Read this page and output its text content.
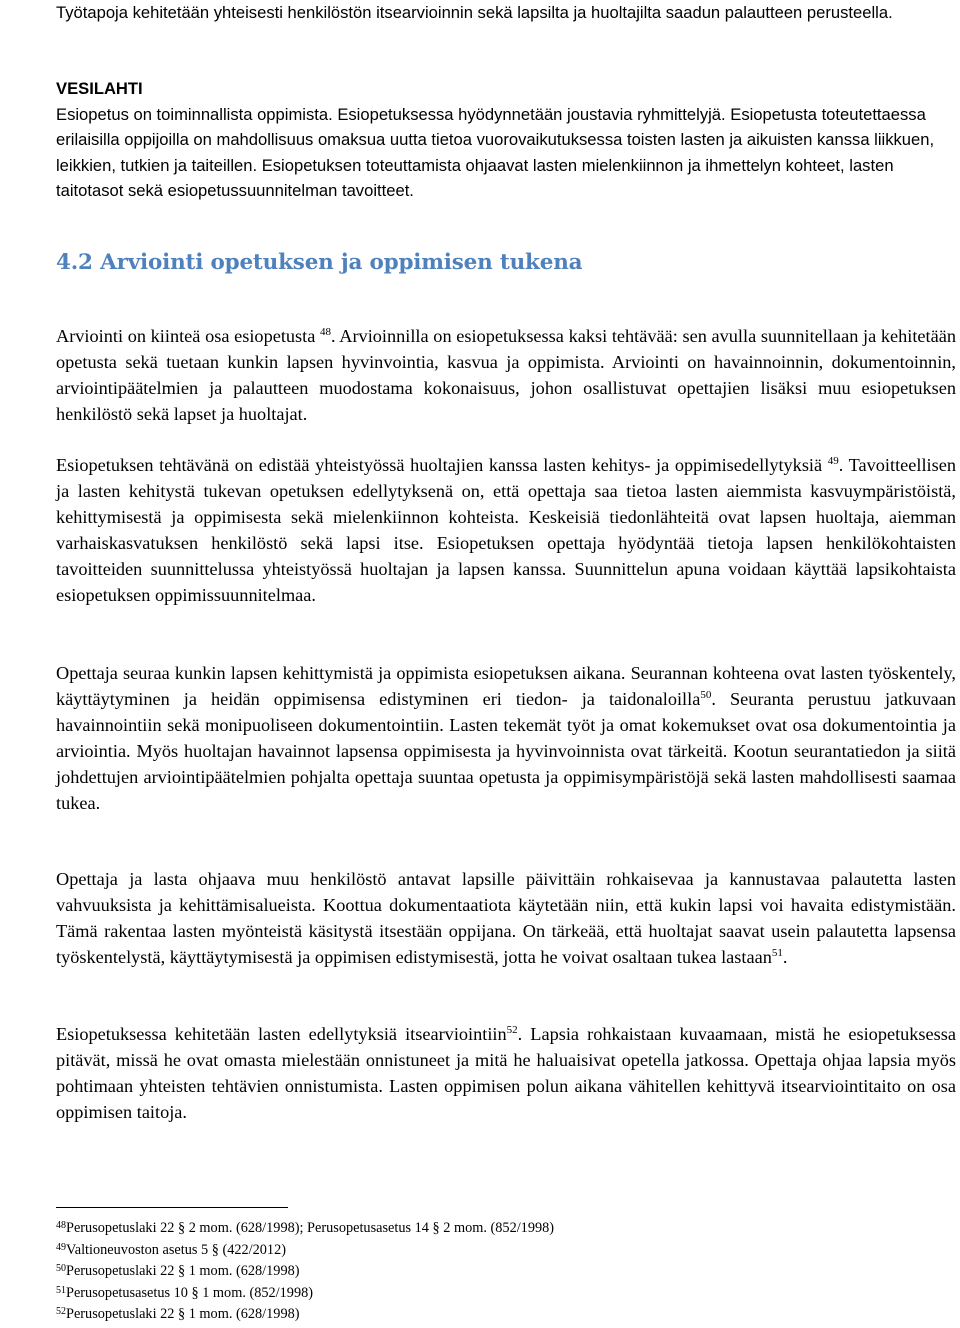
Työtapoja kehitetään yhteisesti henkilöstön itsearvioinnin sekä lapsilta ja huoltajilta saadun palautteen perusteella.

VESILAHTI

Esiopetus on toiminnallista oppimista. Esiopetuksessa hyödynnetään joustavia ryhmittelyjä. Esiopetusta toteutettaessa erilaisilla oppijoilla on mahdollisuus omaksua uutta tietoa vuorovaikutuksessa toisten lasten ja aikuisten kanssa liikkuen, leikkien, tutkien ja taiteillen. Esiopetuksen toteuttamista ohjaavat lasten mielenkiinnon ja ihmettelyn kohteet, lasten taitotasot sekä esiopetussuunnitelman tavoitteet.

4.2 Arviointi opetuksen ja oppimisen tukena

Arviointi on kiinteä osa esiopetusta $^{48}$. Arvioinnilla on esiopetuksessa kaksi tehtävää: sen avulla suunnitellaan ja kehitetään opetusta sekä tuetaan kunkin lapsen hyvinvointia, kasvua ja oppimista. Arviointi on havainnoinnin, dokumentoinnin, arviointipäätelmien ja palautteen muodostama kokonaisuus, johon osallistuvat opettajien lisäksi muu esiopetuksen henkilöstö sekä lapset ja huoltajat.

Esiopetuksen tehtävänä on edistää yhteistyössä huoltajien kanssa lasten kehitys- ja oppimisedellytyksiä $^{49}$. Tavoitteellisen ja lasten kehitystä tukevan opetuksen edellytyksenä on, että opettaja saa tietoa lasten aiemmista kasvuympäristöistä, kehittymisestä ja oppimisesta sekä mielenkiinnon kohteista. Keskeisiä tiedonlähteitä ovat lapsen huoltaja, aiemman varhaiskasvatuksen henkilöstö sekä lapsi itse. Esiopetuksen opettaja hyödyntää tietoja lapsen henkilökohtaisten tavoitteiden suunnittelussa yhteistyössä huoltajan ja lapsen kanssa. Suunnittelun apuna voidaan käyttää lapsikohtaista esiopetuksen oppimissuunnitelmaa.

Opettaja seuraa kunkin lapsen kehittymistä ja oppimista esiopetuksen aikana. Seurannan kohteena ovat lasten työskentely, käyttäytyminen ja heidän oppimisensa edistyminen eri tiedon- ja taidonaloilla$^{50}$. Seuranta perustuu jatkuvaan havainnointiin sekä monipuoliseen dokumentointiin. Lasten tekemät työt ja omat kokemukset ovat osa dokumentointia ja arviointia. Myös huoltajan havainnot lapsensa oppimisesta ja hyvinvoinnista ovat tärkeitä. Kootun seurantatiedon ja siitä johdettujen arviointipäätelmien pohjalta opettaja suuntaa opetusta ja oppimisympäristöjä sekä lasten mahdollisesti saamaa tukea.

Opettaja ja lasta ohjaava muu henkilöstö antavat lapsille päivittäin rohkaisevaa ja kannustavaa palautetta lasten vahvuuksista ja kehittämisalueista. Koottua dokumentaatiota käytetään niin, että kukin lapsi voi havaita edistymistään. Tämä rakentaa lasten myönteistä käsitystä itsestään oppijana. On tärkeää, että huoltajat saavat usein palautetta lapsensa työskentelystä, käyttäytymisestä ja oppimisen edistymisestä, jotta he voivat osaltaan tukea lastaan$^{51}$.

Esiopetuksessa kehitetään lasten edellytyksiä itsearviointiin$^{52}$. Lapsia rohkaistaan kuvaamaan, mistä he esiopetuksessa pitävät, missä he ovat omasta mielestään onnistuneet ja mitä he haluaisivat opetella jatkossa. Opettaja ohjaa lapsia myös pohtimaan yhteisten tehtävien onnistumista. Lasten oppimisen polun aikana vähitellen kehittyvä itsearviointitaito on osa oppimisen taitoja.

$^{48}$Perusopetuslaki 22 § 2 mom. (628/1998); Perusopetusasetus 14 § 2 mom. (852/1998)
$^{49}$Valtioneuvoston asetus 5 § (422/2012)
$^{50}$Perusopetuslaki 22 § 1 mom. (628/1998)
$^{51}$Perusopetusasetus 10 § 1 mom. (852/1998)
$^{52}$Perusopetuslaki 22 § 1 mom. (628/1998)
